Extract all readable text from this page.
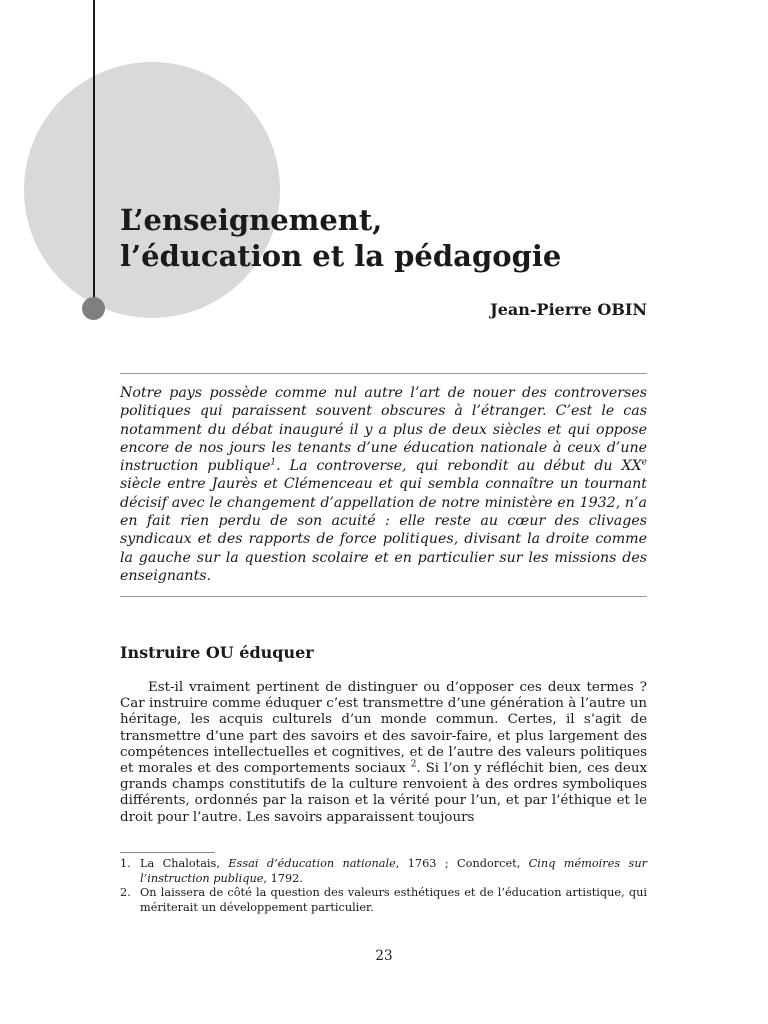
L’enseignement,
l’éducation et la pédagogie
Jean-Pierre OBIN

Notre pays possède comme nul autre l’art de nouer des controverses politiques qui paraissent souvent obscures à l’étranger. C’est le cas notamment du débat inauguré il y a plus de deux siècles et qui oppose encore de nos jours les tenants d’une éducation nationale à ceux d’une instruction publique$^1$. La controverse, qui rebondit au début du XXe siècle entre Jaurès et Clémenceau et qui sembla connaître un tournant décisif avec le changement d’appellation de notre ministère en 1932, n’a en fait rien perdu de son acuité : elle reste au cœur des clivages syndicaux et des rapports de force politiques, divisant la droite comme la gauche sur la question scolaire et en particulier sur les missions des enseignants.

Instruire OU éduquer

Est-il vraiment pertinent de distinguer ou d’opposer ces deux termes ? Car instruire comme éduquer c’est transmettre d’une génération à l’autre un héritage, les acquis culturels d’un monde commun. Certes, il s’agit de transmettre d’une part des savoirs et des savoir-faire, et plus largement des compétences intellectuelles et cognitives, et de l’autre des valeurs politiques et morales et des comportements sociaux $^2$. Si l’on y réfléchit bien, ces deux grands champs constitutifs de la culture renvoient à des ordres symboliques différents, ordonnés par la raison et la vérité pour l’un, et par l’éthique et le droit pour l’autre. Les savoirs apparaissent toujours

1. La Chalotais, Essai d’éducation nationale, 1763 ; Condorcet, Cinq mémoires sur l’instruction publique, 1792.
2. On laissera de côté la question des valeurs esthétiques et de l’éducation artistique, qui mériterait un développement particulier.
23
